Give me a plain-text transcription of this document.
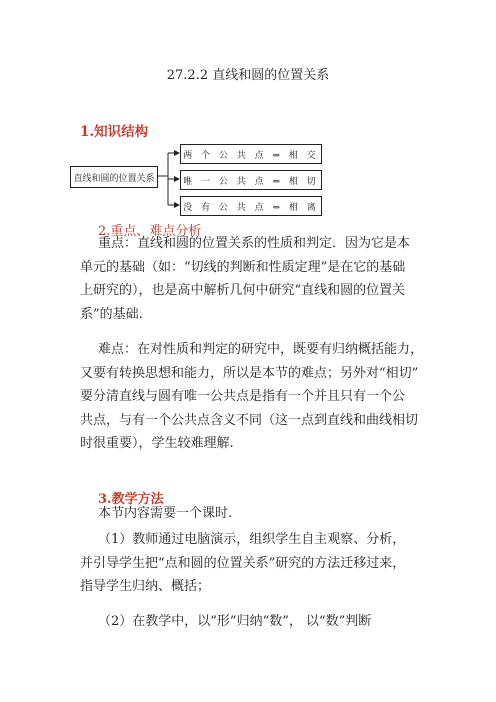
27.2.2 直线和圆的位置关系
1.知识结构
直线和圆的位置关系
两 个 公 共 点 ⇔ 相 交
唯 一 公 共 点 ⇔ 相 切
没 有 公 共 点 ⇔ 相 离
2.重点、难点分析
重点：直线和圆的位置关系的性质和判定．因为它是本
单元的基础（如：“切线的判断和性质定理”是在它的基础
上研究的），也是高中解析几何中研究“直线和圆的位置关
系”的基础.
难点：在对性质和判定的研究中，既要有归纳概括能力，
又要有转换思想和能力，所以是本节的难点；另外对“相切”
要分清直线与圆有唯一公共点是指有一个并且只有一个公
共点，与有一个公共点含义不同（这一点到直线和曲线相切
时很重要），学生较难理解.
3.教学方法
本节内容需要一个课时.
（1）教师通过电脑演示，组织学生自主观察、分析，
并引导学生把“点和圆的位置关系”研究的方法迁移过来，
指导学生归纳、概括；
（2）在教学中，以“形”归纳“数”， 以“数”判断
